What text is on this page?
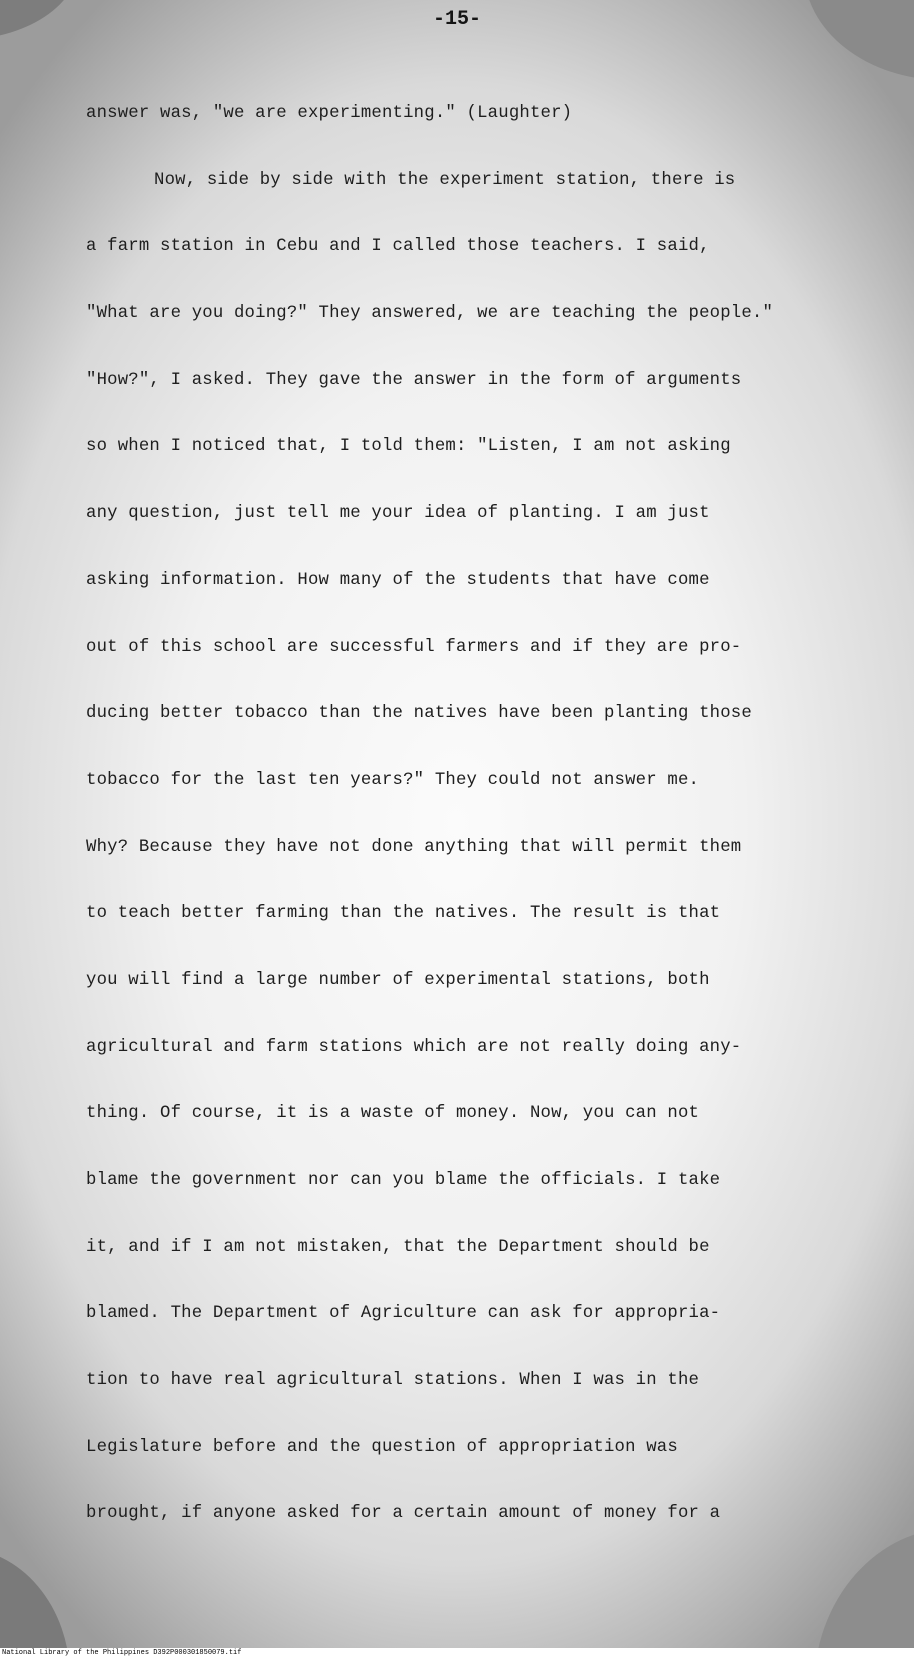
-15-
answer was, "we are experimenting." (Laughter)
Now, side by side with the experiment station, there is
a farm station in Cebu and I called those teachers. I said,
"What are you doing?" They answered, we are teaching the people."
"How?", I asked. They gave the answer in the form of arguments
so when I noticed that, I told them: "Listen, I am not asking
any question, just tell me your idea of planting. I am just
asking information. How many of the students that have come
out of this school are successful farmers and if they are pro-
ducing better tobacco than the natives have been planting those
tobacco for the last ten years?" They could not answer me.
Why? Because they have not done anything that will permit them
to teach better farming than the natives. The result is that
you will find a large number of experimental stations, both
agricultural and farm stations which are not really doing any-
thing. Of course, it is a waste of money. Now, you can not
blame the government nor can you blame the officials. I take
it, and if I am not mistaken, that the Department should be
blamed. The Department of Agriculture can ask for appropria-
tion to have real agricultural stations. When I was in the
Legislature before and the question of appropriation was
brought, if anyone asked for a certain amount of money for a
National Library of the Philippines D392P000301850079.tif
